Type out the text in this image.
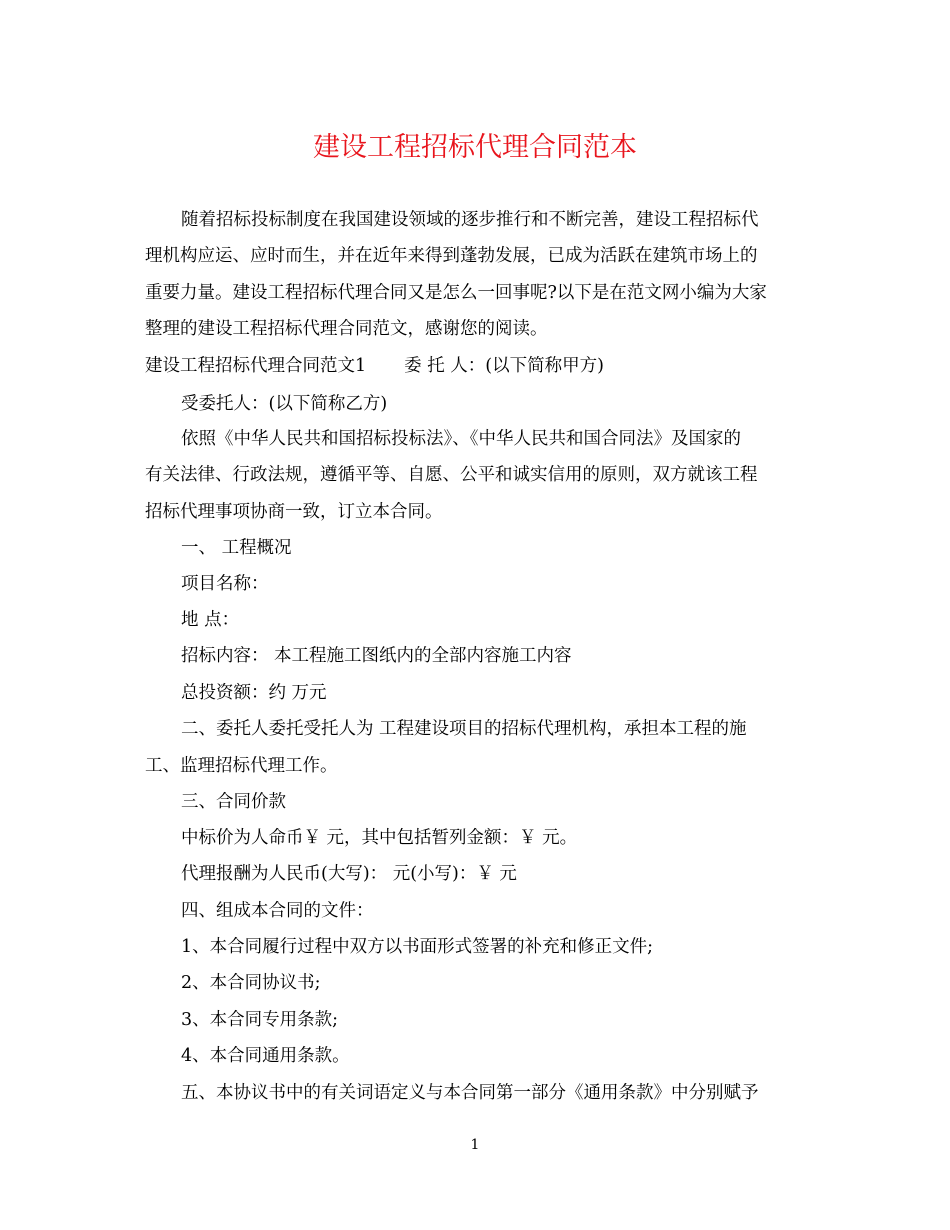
建设工程招标代理合同范本
随着招标投标制度在我国建设领域的逐步推行和不断完善，建设工程招标代
理机构应运、应时而生，并在近年来得到蓬勃发展，已成为活跃在建筑市场上的
重要力量。建设工程招标代理合同又是怎么一回事呢?以下是在范文网小编为大家
整理的建设工程招标代理合同范文，感谢您的阅读。
建设工程招标代理合同范文1 委 托 人：(以下简称甲方)
受委托人：(以下简称乙方)
依照《中华人民共和国招标投标法》、《中华人民共和国合同法》及国家的
有关法律、行政法规，遵循平等、自愿、公平和诚实信用的原则，双方就该工程
招标代理事项协商一致，订立本合同。
一、 工程概况
项目名称：
地 点：
招标内容： 本工程施工图纸内的全部内容施工内容
总投资额：约 万元
二、委托人委托受托人为 工程建设项目的招标代理机构，承担本工程的施
工、监理招标代理工作。
三、合同价款
中标价为人命币￥ 元，其中包括暂列金额：￥ 元。
代理报酬为人民币(大写)： 元(小写)：￥ 元
四、组成本合同的文件：
1、本合同履行过程中双方以书面形式签署的补充和修正文件;
2、本合同协议书;
3、本合同专用条款;
4、本合同通用条款。
五、本协议书中的有关词语定义与本合同第一部分《通用条款》中分别赋予
1
